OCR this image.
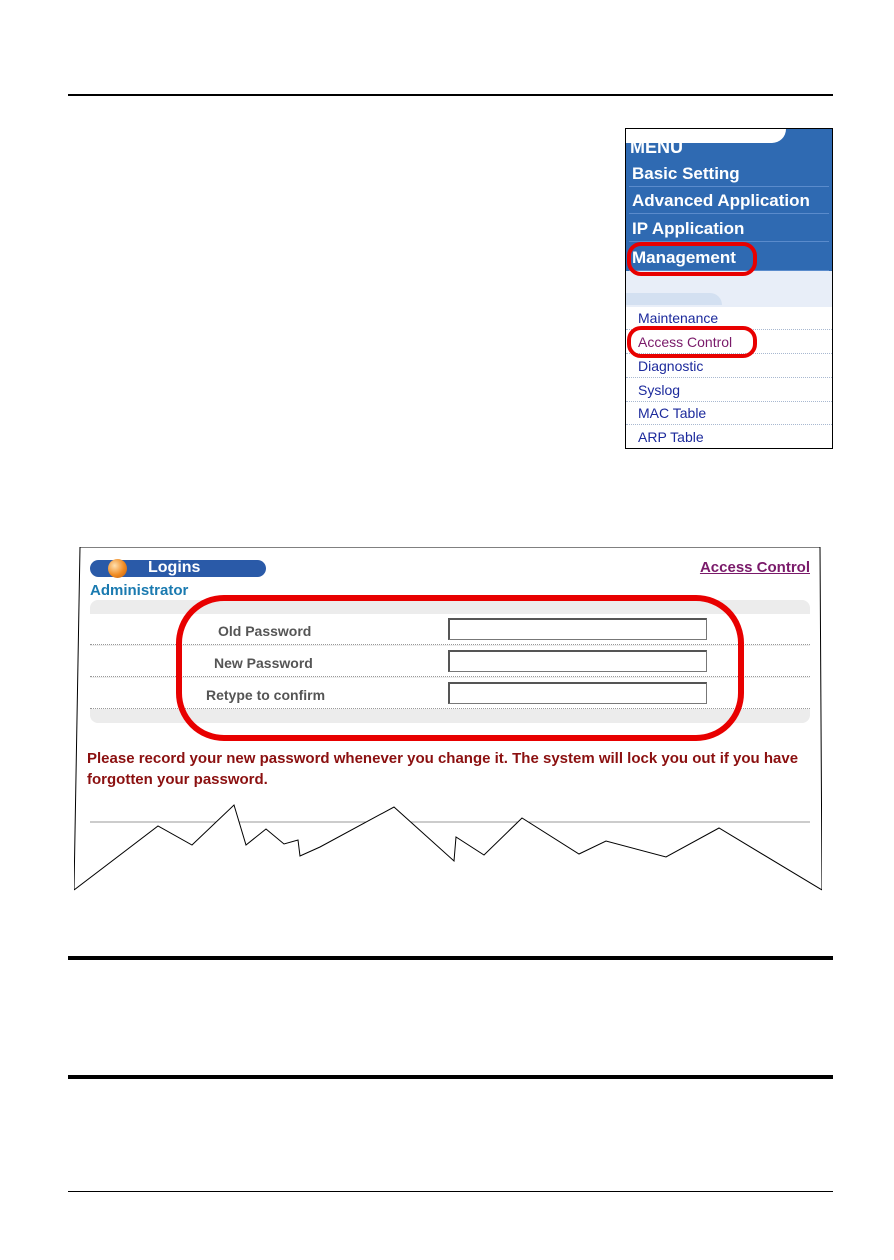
MENU
Basic Setting
Advanced Application
IP Application
Management
Maintenance
Access Control
Diagnostic
Syslog
MAC Table
ARP Table
Logins	Access Control
Administrator
Old Password
New Password
Retype to confirm
Please record your new password whenever you change it. The system will lock you out if you have forgotten your password.
